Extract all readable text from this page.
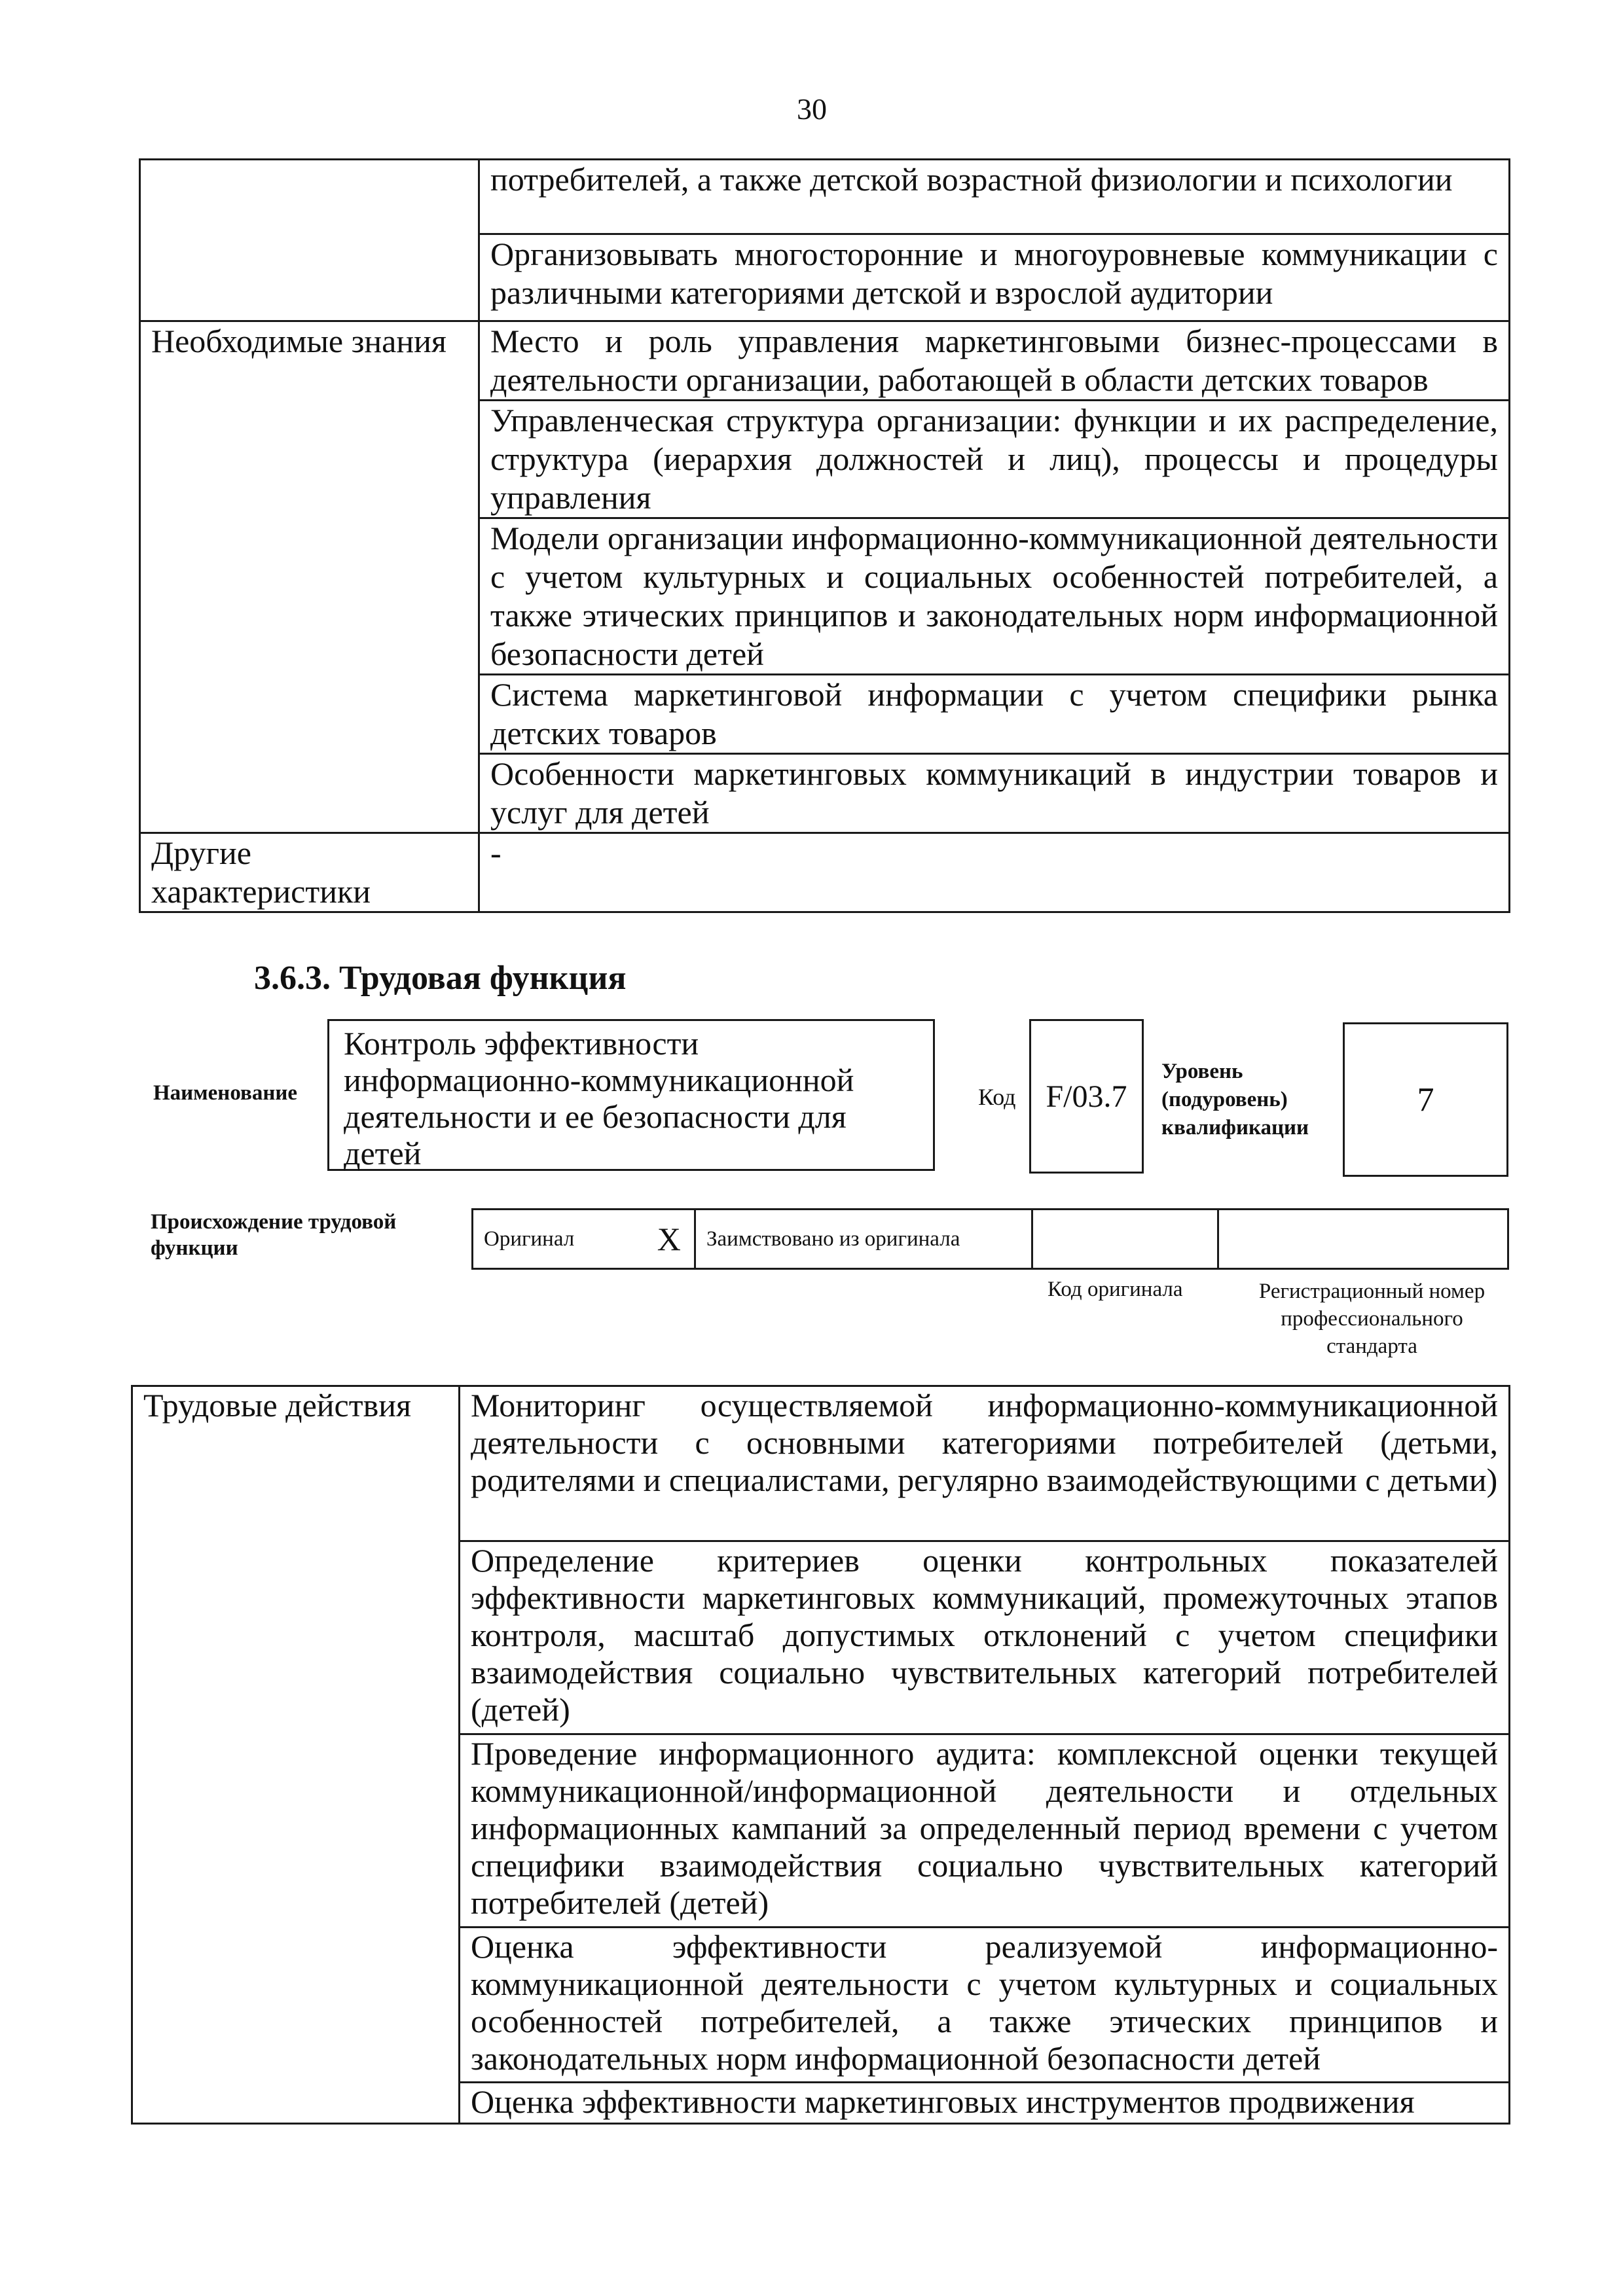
30
	потребителей, а также детской возрастной физиологии и психологии
	Организовывать многосторонние и многоуровневые коммуникации с различными категориями детской и взрослой аудитории
Необходимые знания	Место и роль управления маркетинговыми бизнес-процессами в деятельности организации, работающей в области детских товаров
	Управленческая структура организации: функции и их распределение, структура (иерархия должностей и лиц), процессы и процедуры управления
	Модели организации информационно-коммуникационной деятельности с учетом культурных и социальных особенностей потребителей, а также этических принципов и законодательных норм информационной безопасности детей
	Система маркетинговой информации с учетом специфики рынка детских товаров
	Особенности маркетинговых коммуникаций в индустрии товаров и услуг для детей
Другие характеристики	-
3.6.3. Трудовая функция
Наименование
Контроль эффективности информационно-коммуникационной деятельности и ее безопасности для детей
Код F/03.7
Уровень (подуровень) квалификации
7
Происхождение трудовой функции	Оригинал	X	Заимствовано из оригинала		
Код оригинала	Регистрационный номер профессионального стандарта
Трудовые действия	Мониторинг осуществляемой информационно-коммуникационной деятельности с основными категориями потребителей (детьми, родителями и специалистами, регулярно взаимодействующими с детьми)
Определение критериев оценки контрольных показателей эффективности маркетинговых коммуникаций, промежуточных этапов контроля, масштаб допустимых отклонений с учетом специфики взаимодействия социально чувствительных категорий потребителей (детей)
Проведение информационного аудита: комплексной оценки текущей коммуникационной/информационной деятельности и отдельных информационных кампаний за определенный период времени с учетом специфики взаимодействия социально чувствительных категорий потребителей (детей)
Оценка эффективности реализуемой информационно-коммуникационной деятельности с учетом культурных и социальных особенностей потребителей, а также этических принципов и законодательных норм информационной безопасности детей
Оценка эффективности маркетинговых инструментов продвижения
